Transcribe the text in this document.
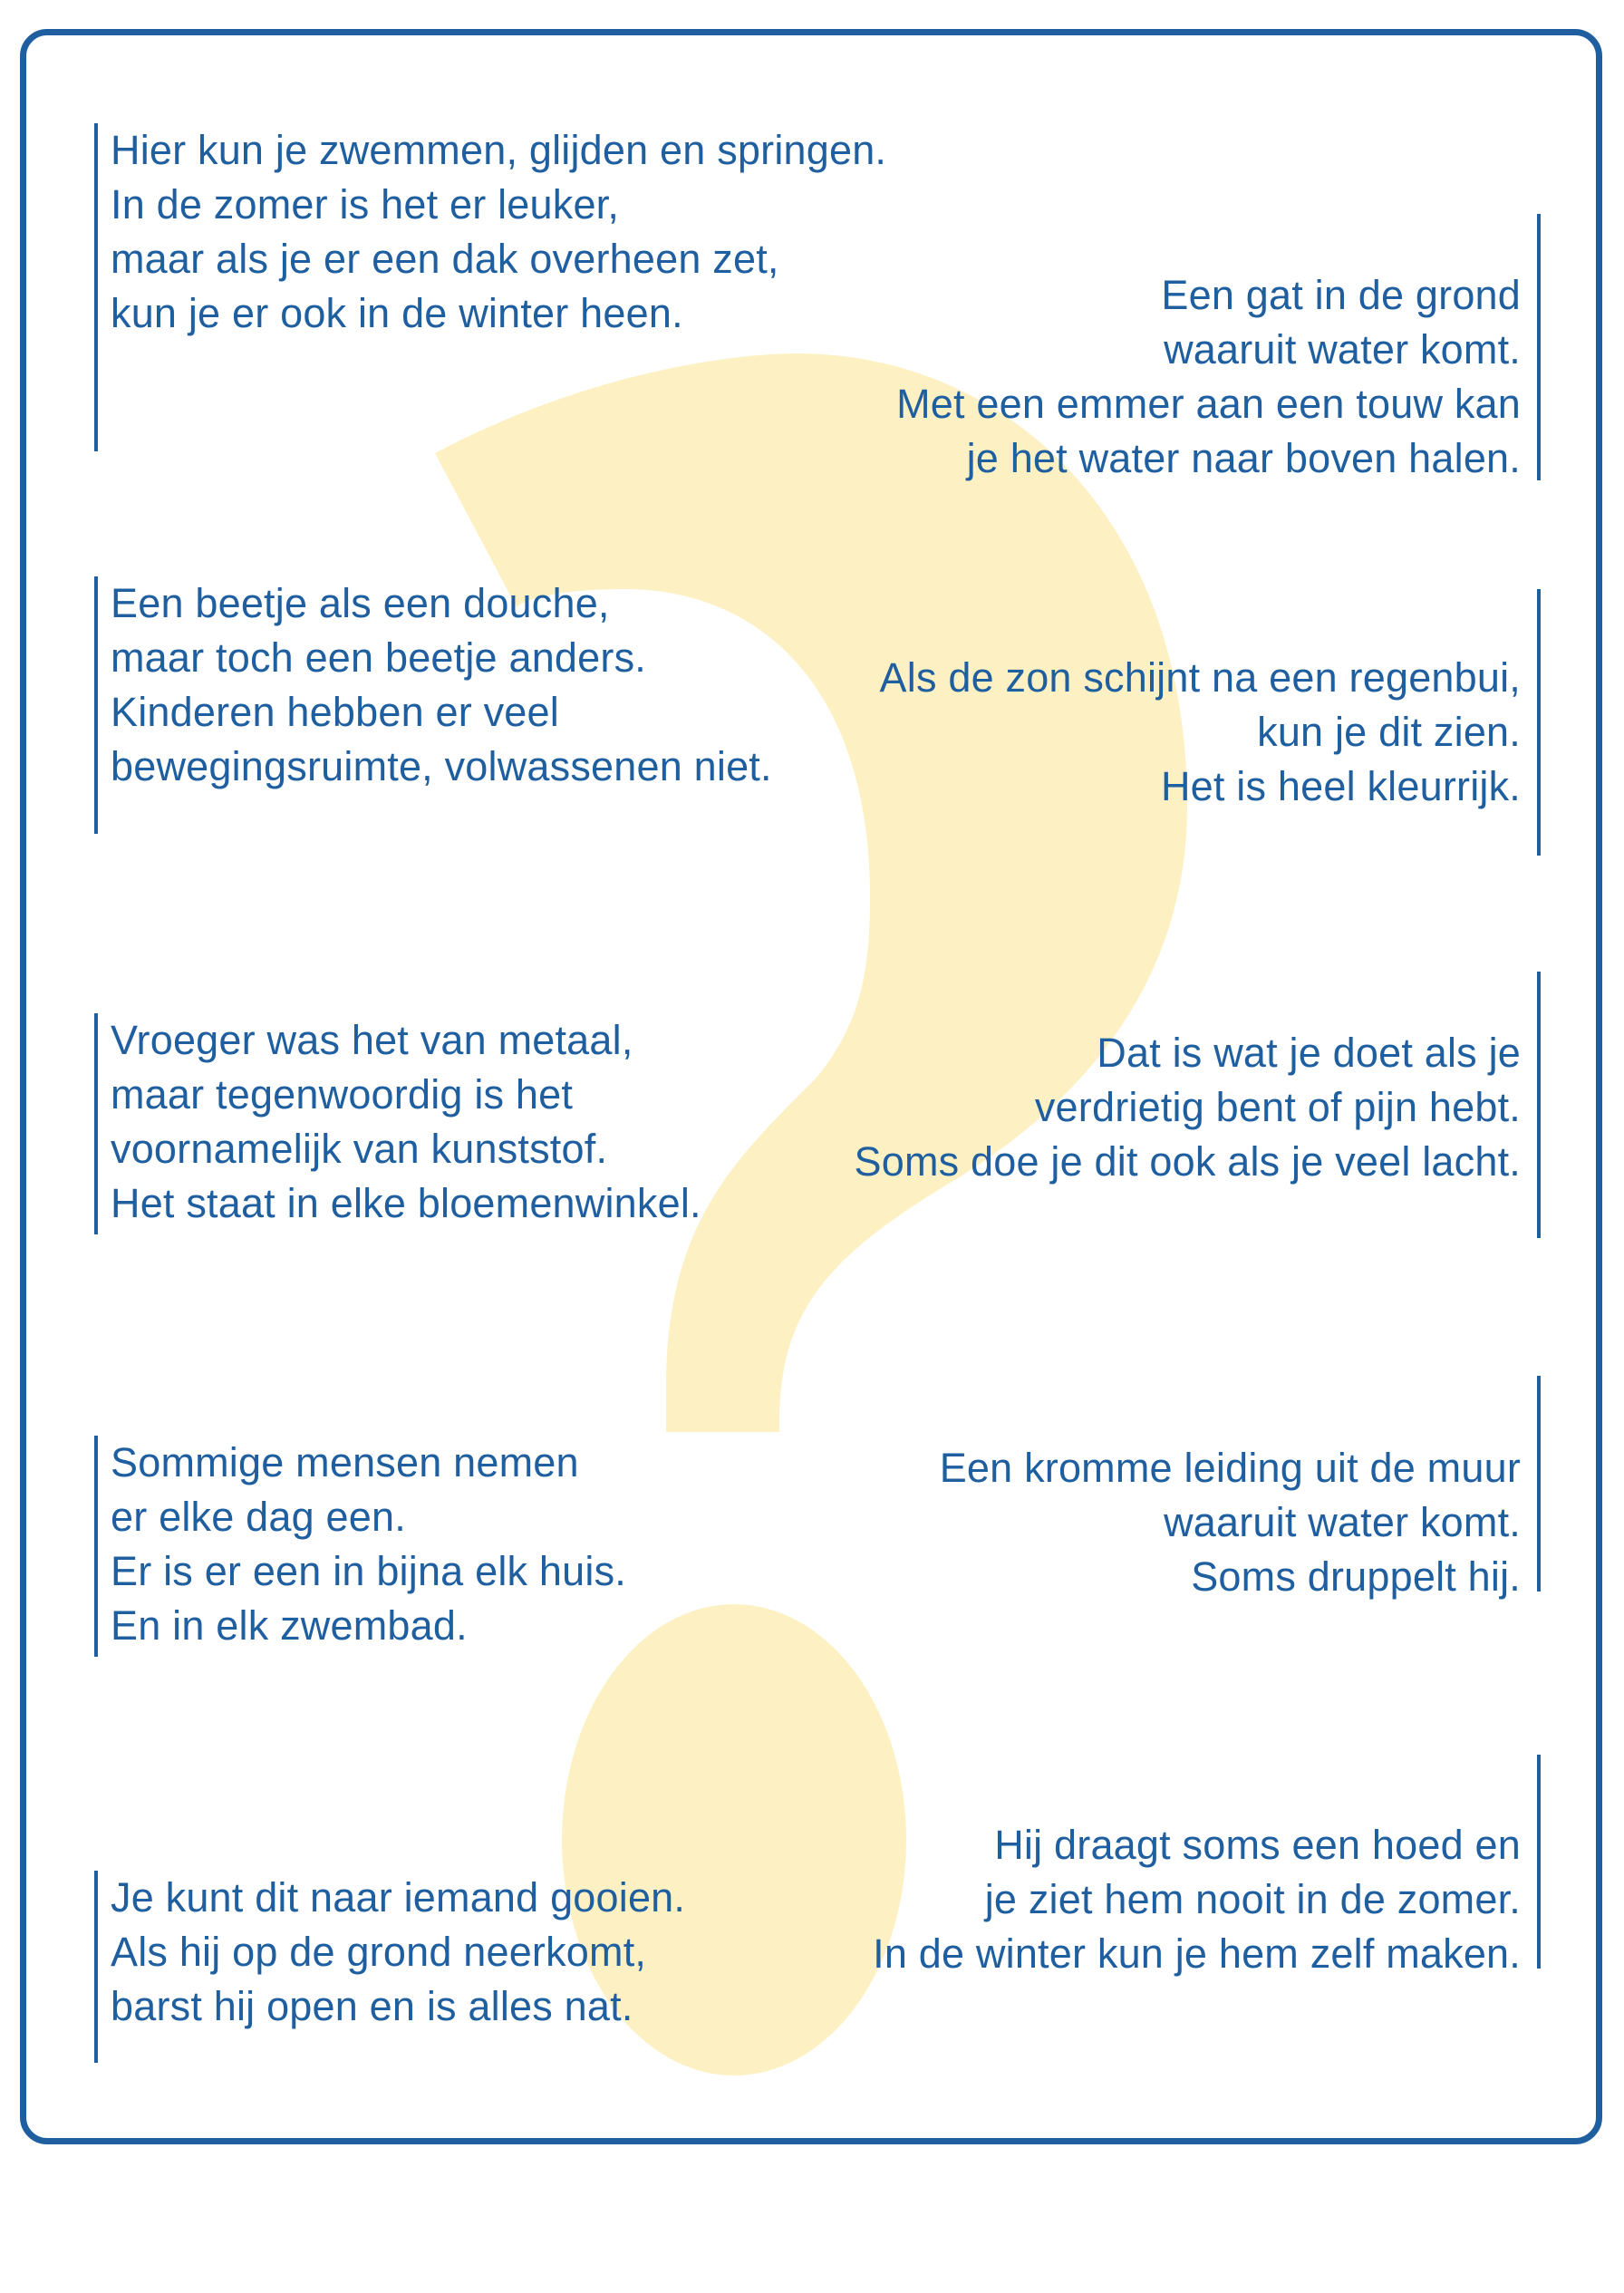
Hier kun je zwemmen, glijden en springen.
In de zomer is het er leuker,
maar als je er een dak overheen zet,
kun je er ook in de winter heen.	Een gat in de grond
waaruit water komt.
Met een emmer aan een touw kan
je het water naar boven halen.
Een beetje als een douche,
maar toch een beetje anders.
Kinderen hebben er veel
bewegingsruimte, volwassenen niet.
Als de zon schijnt na een regenbui,
kun je dit zien.
Het is heel kleurrijk.
Vroeger was het van metaal,
maar tegenwoordig is het
voornamelijk van kunststof.
Het staat in elke bloemenwinkel.
Dat is wat je doet als je
verdrietig bent of pijn hebt.
Soms doe je dit ook als je veel lacht.
Sommige mensen nemen
er elke dag een.
Er is er een in bijna elk huis.
En in elk zwembad.
Een kromme leiding uit de muur
waaruit water komt.
Soms druppelt hij.
Je kunt dit naar iemand gooien.
Als hij op de grond neerkomt,
barst hij open en is alles nat.
Hij draagt soms een hoed en
je ziet hem nooit in de zomer.
In de winter kun je hem zelf maken.
